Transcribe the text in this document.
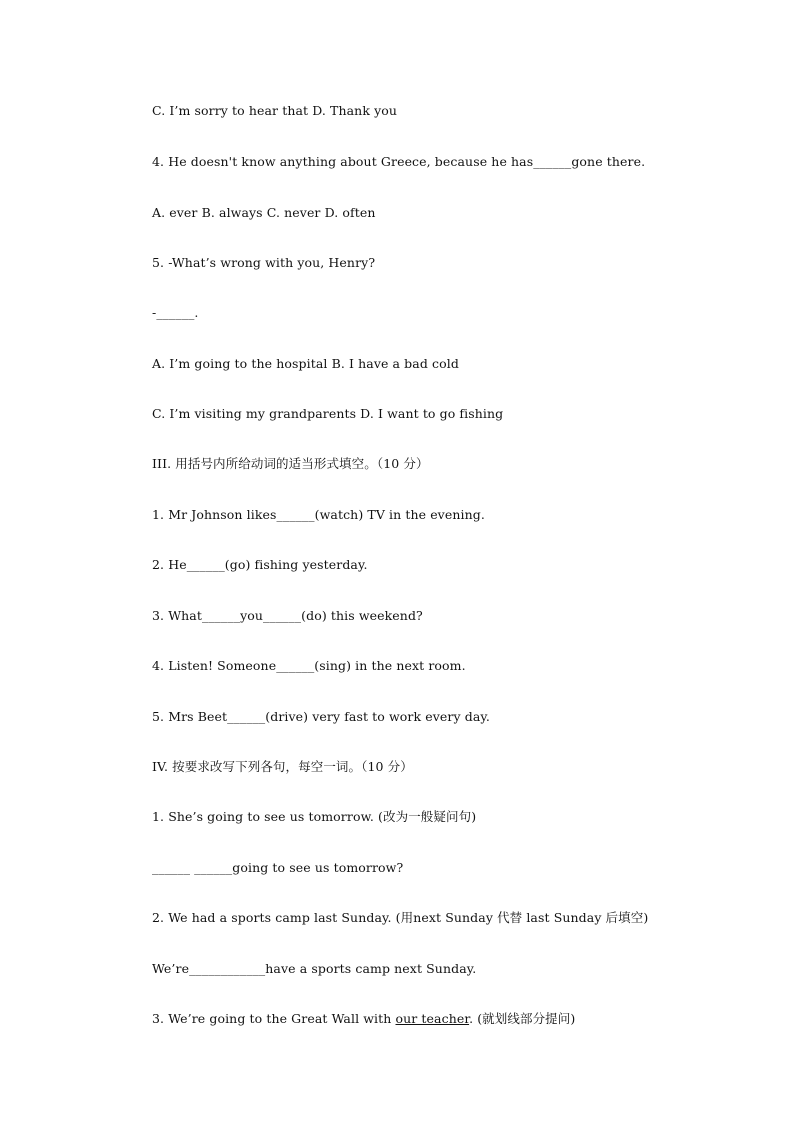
C. I’m sorry to hear that D. Thank you
4. He doesn't know anything about Greece, because he has______gone there.
A. ever B. always C. never D. often
5. -What’s wrong with you, Henry?
-______.
A. I’m going to the hospital B. I have a bad cold
C. I’m visiting my grandparents D. I want to go fishing
III. 用括号内所给动词的适当形式填空。（10 分）
1. Mr Johnson likes______(watch) TV in the evening.
2. He______(go) fishing yesterday.
3. What______you______(do) this weekend?
4. Listen! Someone______(sing) in the next room.
5. Mrs Beet______(drive) very fast to work every day.
IV. 按要求改写下列各句，每空一词。（10 分）
1. She’s going to see us tomorrow. (改为一般疑问句)
______ ______going to see us tomorrow?
2. We had a sports camp last Sunday. (用next Sunday 代替 last Sunday 后填空)
We’re____________have a sports camp next Sunday.
3. We’re going to the Great Wall with our teacher. (就划线部分提问)
